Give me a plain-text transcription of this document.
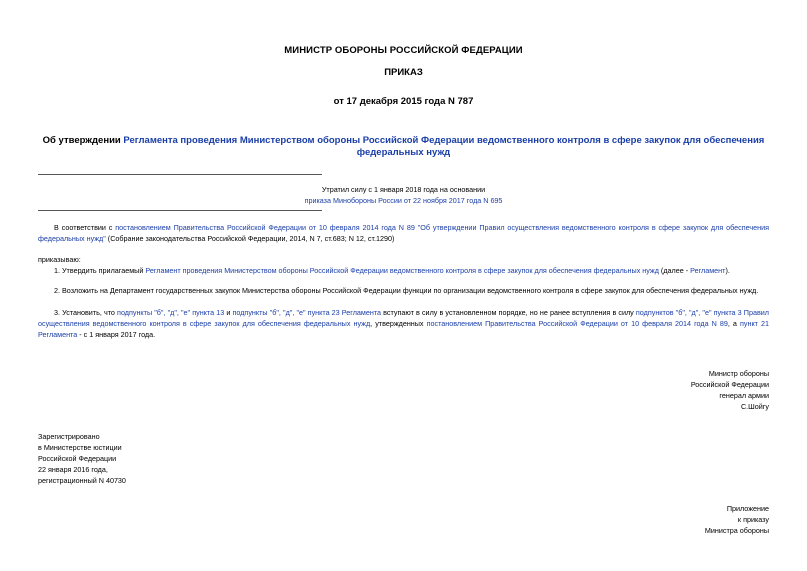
МИНИСТР ОБОРОНЫ РОССИЙСКОЙ ФЕДЕРАЦИИ
ПРИКАЗ
от 17 декабря 2015 года N 787
Об утверждении Регламента проведения Министерством обороны Российской Федерации ведомственного контроля в сфере закупок для обеспечения федеральных нужд
Утратил силу с 1 января 2018 года на основании
приказа Минобороны России от 22 ноября 2017 года N 695
В соответствии с постановлением Правительства Российской Федерации от 10 февраля 2014 года N 89 "Об утверждении Правил осуществления ведомственного контроля в сфере закупок для обеспечения федеральных нужд" (Собрание законодательства Российской Федерации, 2014, N 7, ст.683; N 12, ст.1290)
приказываю:
1. Утвердить прилагаемый Регламент проведения Министерством обороны Российской Федерации ведомственного контроля в сфере закупок для обеспечения федеральных нужд (далее - Регламент).
2. Возложить на Департамент государственных закупок Министерства обороны Российской Федерации функции по организации ведомственного контроля в сфере закупок для обеспечения федеральных нужд.
3. Установить, что подпункты "б", "д", "е" пункта 13 и подпункты "б", "д", "е" пункта 23 Регламента вступают в силу в установленном порядке, но не ранее вступления в силу подпунктов "б", "д", "е" пункта 3 Правил осуществления ведомственного контроля в сфере закупок для обеспечения федеральных нужд, утвержденных постановлением Правительства Российской Федерации от 10 февраля 2014 года N 89, а пункт 21 Регламента - с 1 января 2017 года.
Министр обороны
Российской Федерации
генерал армии
С.Шойгу
Зарегистрировано
в Министерстве юстиции
Российской Федерации
22 января 2016 года,
регистрационный N 40730
Приложение
к приказу
Министра обороны
